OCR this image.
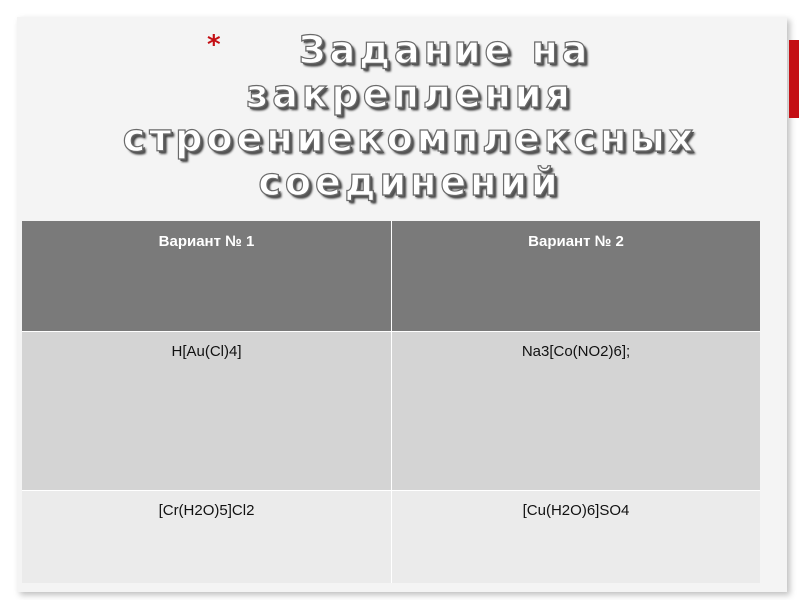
*	Задание на
закрепления
строениекомплексных
соединений
Вариант № 1	Вариант № 2
H[Au(Cl)4]	Na3[Co(NO2)6];
[Cr(H2O)5]Cl2	[Cu(H2O)6]SO4
